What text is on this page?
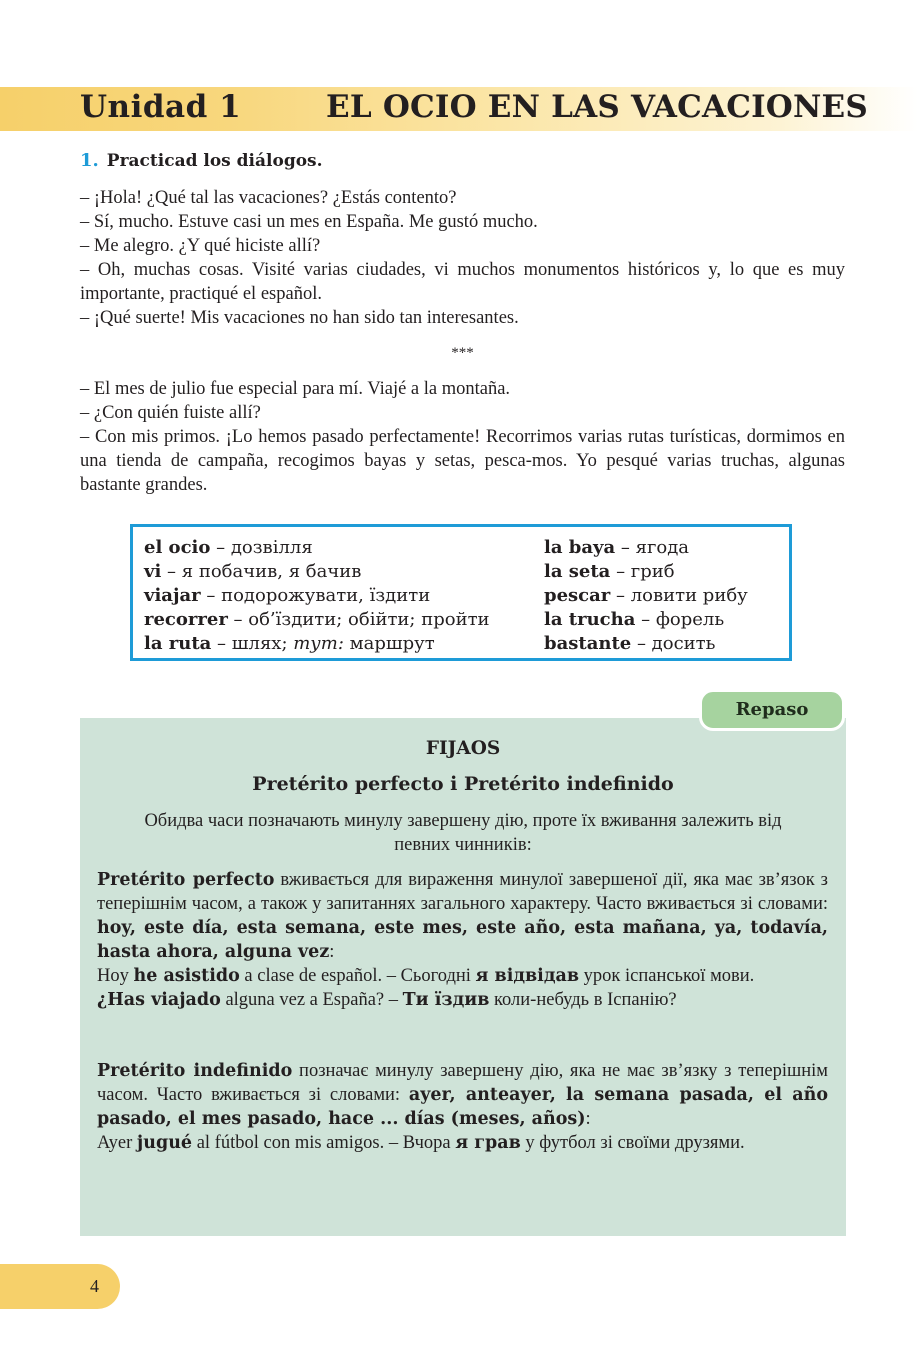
Unidad 1	EL OCIO EN LAS VACACIONES
1. Practicad los diálogos.

– ¡Hola! ¿Qué tal las vacaciones? ¿Estás contento?

– Sí, mucho. Estuve casi un mes en España. Me gustó mucho.

– Me alegro. ¿Y qué hiciste allí?

– Oh, muchas cosas. Visité varias ciudades, vi muchos monumentos históricos y, lo que es muy importante, practiqué el español.

– ¡Qué suerte! Mis vacaciones no han sido tan interesantes.

***

– El mes de julio fue especial para mí. Viajé a la montaña.

– ¿Con quién fuiste allí?

– Con mis primos. ¡Lo hemos pasado perfectamente! Recorrimos varias rutas turísticas, dormimos en una tienda de campaña, recogimos bayas y setas, pesca-mos. Yo pesqué varias truchas, algunas bastante grandes.

el ocio – дозвілля
vi – я побачив, я бачив
viajar – подорожувати, їздити
recorrer – об’їздити; обійти; пройти
la ruta – шлях; тут: маршрут
la baya – ягода
la seta – гриб
pescar – ловити рибу
la trucha – форель
bastante – досить
Repaso
FIJAOS
Pretérito perfecto i Pretérito indefinido
Обидва часи позначають минулу завершену дію, проте їх вживання залежить від певних чинників:

Pretérito perfecto вживається для вираження минулої завершеної дії, яка має зв’язок з теперішнім часом, а також у запитаннях загального характеру. Часто вживається зі словами: hoy, este día, esta semana, este mes, este año, esta mañana, ya, todavía, hasta ahora, alguna vez:

Hoy he asistido a clase de español. – Сьогодні я відвідав урок іспанської мови.

¿Has viajado alguna vez a España? – Ти їздив коли-небудь в Іспанію?

Pretérito indefinido позначає минулу завершену дію, яка не має зв’язку з теперішнім часом. Часто вживається зі словами: ayer, anteayer, la semana pasada, el año pasado, el mes pasado, hace ... días (meses, años):

Ayer jugué al fútbol con mis amigos. – Вчора я грав у футбол зі своїми друзями.

4
